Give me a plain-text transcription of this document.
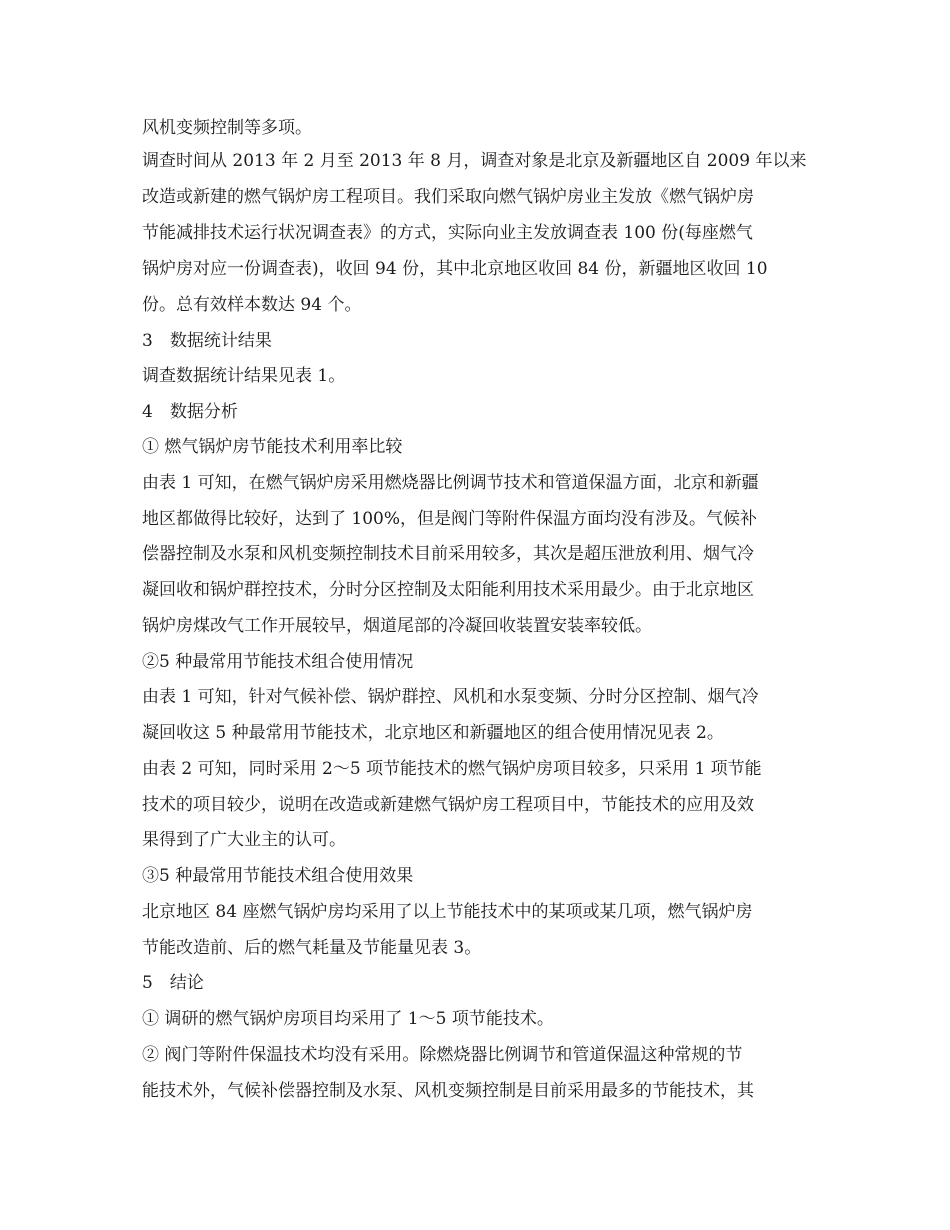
风机变频控制等多项。
调查时间从 2013 年 2 月至 2013 年 8 月，调查对象是北京及新疆地区自 2009 年以来
改造或新建的燃气锅炉房工程项目。我们采取向燃气锅炉房业主发放《燃气锅炉房
节能减排技术运行状况调查表》的方式，实际向业主发放调查表 100 份(每座燃气
锅炉房对应一份调查表)，收回 94 份，其中北京地区收回 84 份，新疆地区收回 10
份。总有效样本数达 94 个。
3　数据统计结果
调查数据统计结果见表 1。
4　数据分析
① 燃气锅炉房节能技术利用率比较
由表 1 可知，在燃气锅炉房采用燃烧器比例调节技术和管道保温方面，北京和新疆
地区都做得比较好，达到了 100%，但是阀门等附件保温方面均没有涉及。气候补
偿器控制及水泵和风机变频控制技术目前采用较多，其次是超压泄放利用、烟气冷
凝回收和锅炉群控技术，分时分区控制及太阳能利用技术采用最少。由于北京地区
锅炉房煤改气工作开展较早，烟道尾部的冷凝回收装置安装率较低。
②5 种最常用节能技术组合使用情况
由表 1 可知，针对气候补偿、锅炉群控、风机和水泵变频、分时分区控制、烟气冷
凝回收这 5 种最常用节能技术，北京地区和新疆地区的组合使用情况见表 2。
由表 2 可知，同时采用 2～5 项节能技术的燃气锅炉房项目较多，只采用 1 项节能
技术的项目较少，说明在改造或新建燃气锅炉房工程项目中，节能技术的应用及效
果得到了广大业主的认可。
③5 种最常用节能技术组合使用效果
北京地区 84 座燃气锅炉房均采用了以上节能技术中的某项或某几项，燃气锅炉房
节能改造前、后的燃气耗量及节能量见表 3。
5　结论
① 调研的燃气锅炉房项目均采用了 1～5 项节能技术。
② 阀门等附件保温技术均没有采用。除燃烧器比例调节和管道保温这种常规的节
能技术外，气候补偿器控制及水泵、风机变频控制是目前采用最多的节能技术，其
